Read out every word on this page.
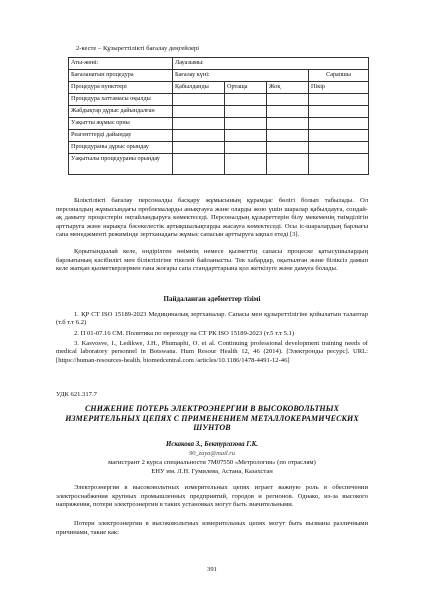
2-кесте – Құзыреттілікті бағалау деңгейлері
Аты-жөні:	Лауазымы:			
Бағаланатын процедура	Бағалау күні:			Сарапшы
Процедура пункттері	Қабылданды	Ортаща	Жоқ	Пікір
Процедура хаттамасы оқылды				
Жабдықтар дұрыс дайындалған				
Уақытты жұмыс орны				
Реагенттерді дайындау				
Процедураны дұрыс орындау				
Уақытылы процедураны орындау				
Біліктілікті бағалау персоналды басқару жұмысының құрамдас бөлігі болып табылады. Ол персоналдың жұмысындағы проблемаларды анықтауға және оларды жою үшін шаралар қабылдауға, сондай-ақ дамыту процестерін оңтайландыруға көмектеседі. Персоналдың құзыреттерін білу мекеменің тиімділігін арттыруға және нарықта бәсекелестік артықшылықтарды жасауға көмектеседі. Осы іс-шаралардың барлығы сапа менеджменті режимінде зертханадағы жұмыс сапасын арттыруға ықпал етеді [3].
Қорытындылай келе, өндірілген өнімнің немесе қызметтің сапасы процеске қатысушылардың барлығының кәсібилігі мен біліктілігіне тікелей байланысты. Тек хабардар, оқытылған және біліксіз дамып келе жатқан қызметкерлермен ғана жоғары сапа стандарттарына қол жеткізуге және дамуға болады.
Пайдаланған әдебиеттер тізімі
1. ҚР СТ ISO 15189-2023 Медициналық зертханалар. Сапасы мен құзыреттілігіне қойылатын талаптар (т.б т.т 6.2)
2. П 01-07.16 СМ. Политика по переходу на СТ РК ISO 15189-2023 (т.5 т.т 5.1)
3. Kasvosve, I., Ledikwe, J.H., Phumaphi, O. et al. Continuing professional development training needs of medical laboratory personnel in Botswana. Hum Resour Health 12, 46 (2014). [Электронды ресурс]. URL:[https://human-resources-health. biomedcentral.com /articles/10.1186/1478-4491-12-46]
УДК 621.317.7
СНИЖЕНИЕ ПОТЕРЬ ЭЛЕКТРОЭНЕРГИИ В ВЫСОКОВОЛЬТНЫХ ИЗМЕРИТЕЛЬНЫХ ЦЕПЯХ С ПРИМЕНЕНИЕМ МЕТАЛЛОКЕРАМИЧЕСКИХ ШУНТОВ
Искакова З., Бектургазова Г.К.
90_zaya@mail.ru
магистрант 2 курса специальности 7М07550 «Метрология» (по отраслям)
ЕНУ им. Л.Н. Гумилева, Астана, Казахстан
Электроэнергия в высоковольтных измерительных цепях играет важную роль в обеспечении электроснабжения крупных промышленных предприятий, городов и регионов. Однако, из-за высокого напряжения, потери электроэнергии в таких установках могут быть значительными.
Потери электроэнергии в высоковольтных измерительных цепях могут быть вызваны различными причинами, такие как:
391
